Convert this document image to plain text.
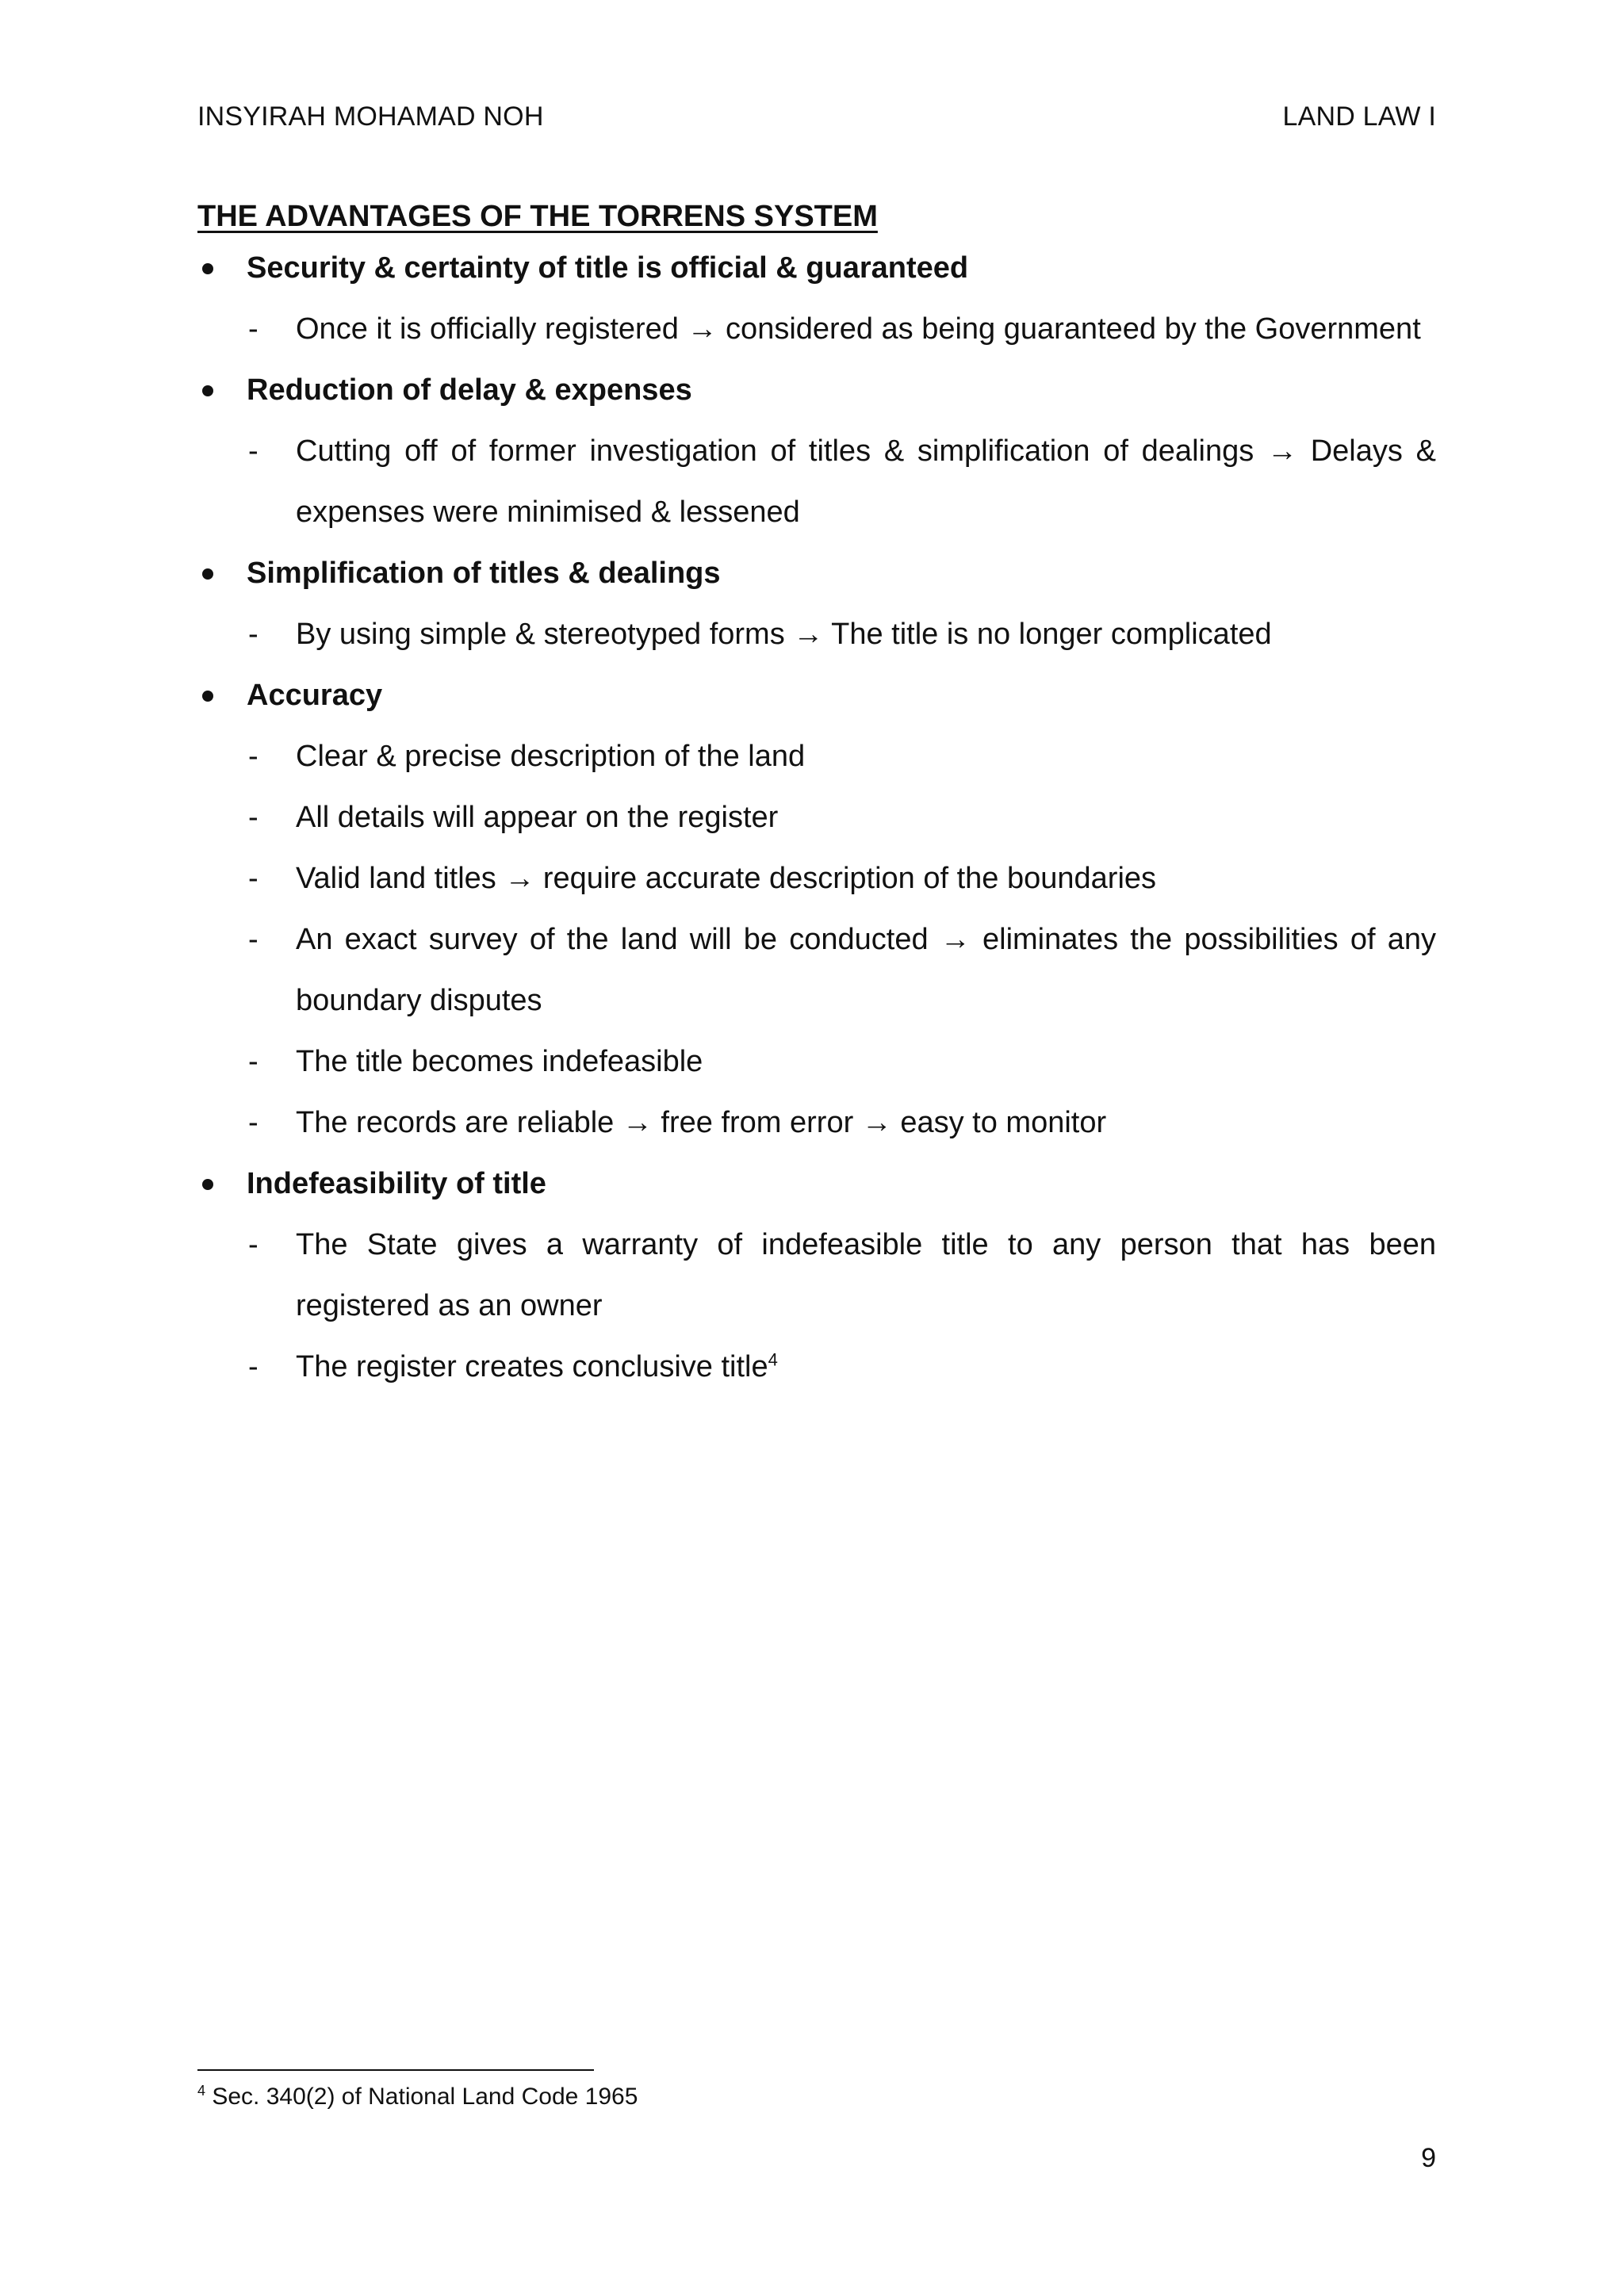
INSYIRAH MOHAMAD NOH	LAND LAW I
THE ADVANTAGES OF THE TORRENS SYSTEM
Security & certainty of title is official & guaranteed
- Once it is officially registered → considered as being guaranteed by the Government
Reduction of delay & expenses
- Cutting off of former investigation of titles & simplification of dealings → Delays & expenses were minimised & lessened
Simplification of titles & dealings
- By using simple & stereotyped forms → The title is no longer complicated
Accuracy
- Clear & precise description of the land
- All details will appear on the register
- Valid land titles → require accurate description of the boundaries
- An exact survey of the land will be conducted → eliminates the possibilities of any boundary disputes
- The title becomes indefeasible
- The records are reliable → free from error → easy to monitor
Indefeasibility of title
- The State gives a warranty of indefeasible title to any person that has been registered as an owner
- The register creates conclusive title$^4$
$^4$ Sec. 340(2) of National Land Code 1965
9
